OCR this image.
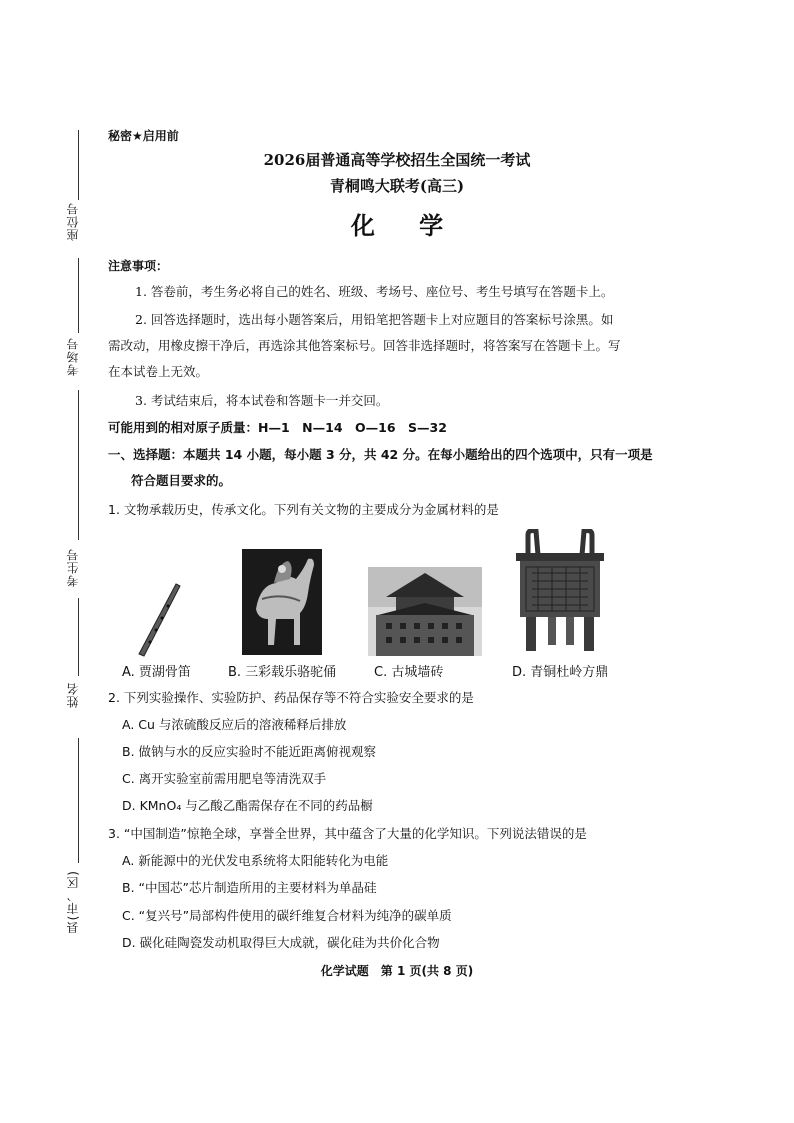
座位号
考场号
考生号
姓名
县(市、区)
秘密★启用前
2026届普通高等学校招生全国统一考试
青桐鸣大联考(高三)
化 学
注意事项：
1. 答卷前，考生务必将自己的姓名、班级、考场号、座位号、考生号填写在答题卡上。
2. 回答选择题时，选出每小题答案后，用铅笔把答题卡上对应题目的答案标号涂黑。如
需改动，用橡皮擦干净后，再选涂其他答案标号。回答非选择题时，将答案写在答题卡上。写
在本试卷上无效。
3. 考试结束后，将本试卷和答题卡一并交回。
可能用到的相对原子质量：H—1　N—14　O—16　S—32
一、选择题：本题共 14 小题，每小题 3 分，共 42 分。在每小题给出的四个选项中，只有一项是
符合题目要求的。
1. 文物承载历史，传承文化。下列有关文物的主要成分为金属材料的是
A. 贾湖骨笛	B. 三彩载乐骆驼俑	C. 古城墙砖	D. 青铜杜岭方鼎
2. 下列实验操作、实验防护、药品保存等不符合实验安全要求的是
A. Cu 与浓硫酸反应后的溶液稀释后排放
B. 做钠与水的反应实验时不能近距离俯视观察
C. 离开实验室前需用肥皂等清洗双手
D. KMnO₄ 与乙酸乙酯需保存在不同的药品橱
3. “中国制造”惊艳全球，享誉全世界，其中蕴含了大量的化学知识。下列说法错误的是
A. 新能源中的光伏发电系统将太阳能转化为电能
B. “中国芯”芯片制造所用的主要材料为单晶硅
C. “复兴号”局部构件使用的碳纤维复合材料为纯净的碳单质
D. 碳化硅陶瓷发动机取得巨大成就，碳化硅为共价化合物
化学试题　第 1 页(共 8 页)
